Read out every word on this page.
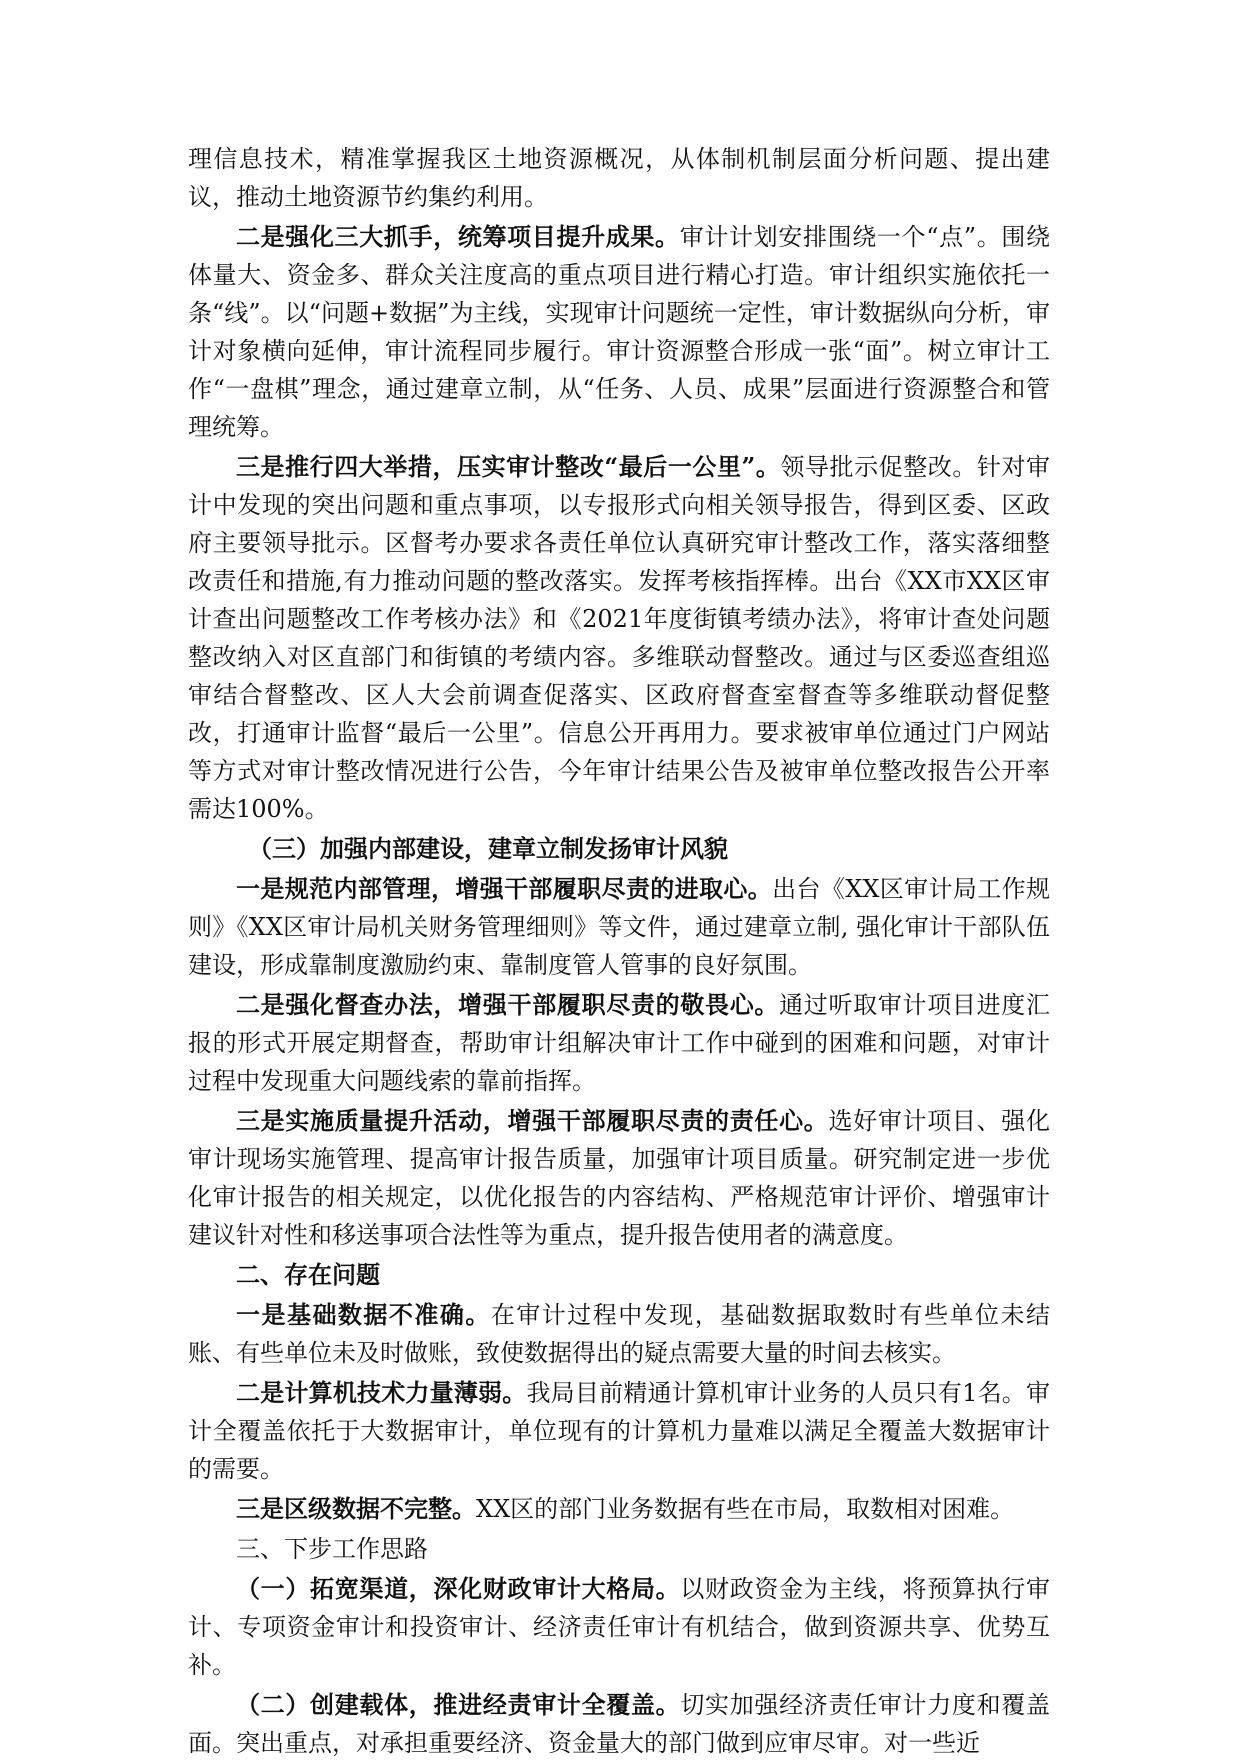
理信息技术，精准掌握我区土地资源概况，从体制机制层面分析问题、提出建议，推动土地资源节约集约利用。

二是强化三大抓手，统筹项目提升成果。审计计划安排围绕一个“点”。围绕体量大、资金多、群众关注度高的重点项目进行精心打造。审计组织实施依托一条“线”。以“问题+数据”为主线，实现审计问题统一定性，审计数据纵向分析，审计对象横向延伸，审计流程同步履行。审计资源整合形成一张“面”。树立审计工作“一盘棋”理念，通过建章立制，从“任务、人员、成果”层面进行资源整合和管理统筹。

三是推行四大举措，压实审计整改“最后一公里”。领导批示促整改。针对审计中发现的突出问题和重点事项，以专报形式向相关领导报告，得到区委、区政府主要领导批示。区督考办要求各责任单位认真研究审计整改工作，落实落细整改责任和措施,有力推动问题的整改落实。发挥考核指挥棒。出台《XX市XX区审计查出问题整改工作考核办法》和《2021年度街镇考绩办法》，将审计查处问题整改纳入对区直部门和街镇的考绩内容。多维联动督整改。通过与区委巡查组巡审结合督整改、区人大会前调查促落实、区政府督查室督查等多维联动督促整改，打通审计监督“最后一公里”。信息公开再用力。要求被审单位通过门户网站等方式对审计整改情况进行公告，今年审计结果公告及被审单位整改报告公开率需达100%。

（三）加强内部建设，建章立制发扬审计风貌

一是规范内部管理，增强干部履职尽责的进取心。出台《XX区审计局工作规则》《XX区审计局机关财务管理细则》等文件，通过建章立制, 强化审计干部队伍建设，形成靠制度激励约束、靠制度管人管事的良好氛围。

二是强化督查办法，增强干部履职尽责的敬畏心。通过听取审计项目进度汇报的形式开展定期督查，帮助审计组解决审计工作中碰到的困难和问题，对审计过程中发现重大问题线索的靠前指挥。

三是实施质量提升活动，增强干部履职尽责的责任心。选好审计项目、强化审计现场实施管理、提高审计报告质量，加强审计项目质量。研究制定进一步优化审计报告的相关规定，以优化报告的内容结构、严格规范审计评价、增强审计建议针对性和移送事项合法性等为重点，提升报告使用者的满意度。

二、存在问题

一是基础数据不准确。在审计过程中发现，基础数据取数时有些单位未结账、有些单位未及时做账，致使数据得出的疑点需要大量的时间去核实。

二是计算机技术力量薄弱。我局目前精通计算机审计业务的人员只有1名。审计全覆盖依托于大数据审计，单位现有的计算机力量难以满足全覆盖大数据审计的需要。

三是区级数据不完整。XX区的部门业务数据有些在市局，取数相对困难。

三、下步工作思路

（一）拓宽渠道，深化财政审计大格局。以财政资金为主线，将预算执行审计、专项资金审计和投资审计、经济责任审计有机结合，做到资源共享、优势互补。

（二）创建载体，推进经责审计全覆盖。切实加强经济责任审计力度和覆盖面。突出重点，对承担重要经济、资金量大的部门做到应审尽审。对一些近
